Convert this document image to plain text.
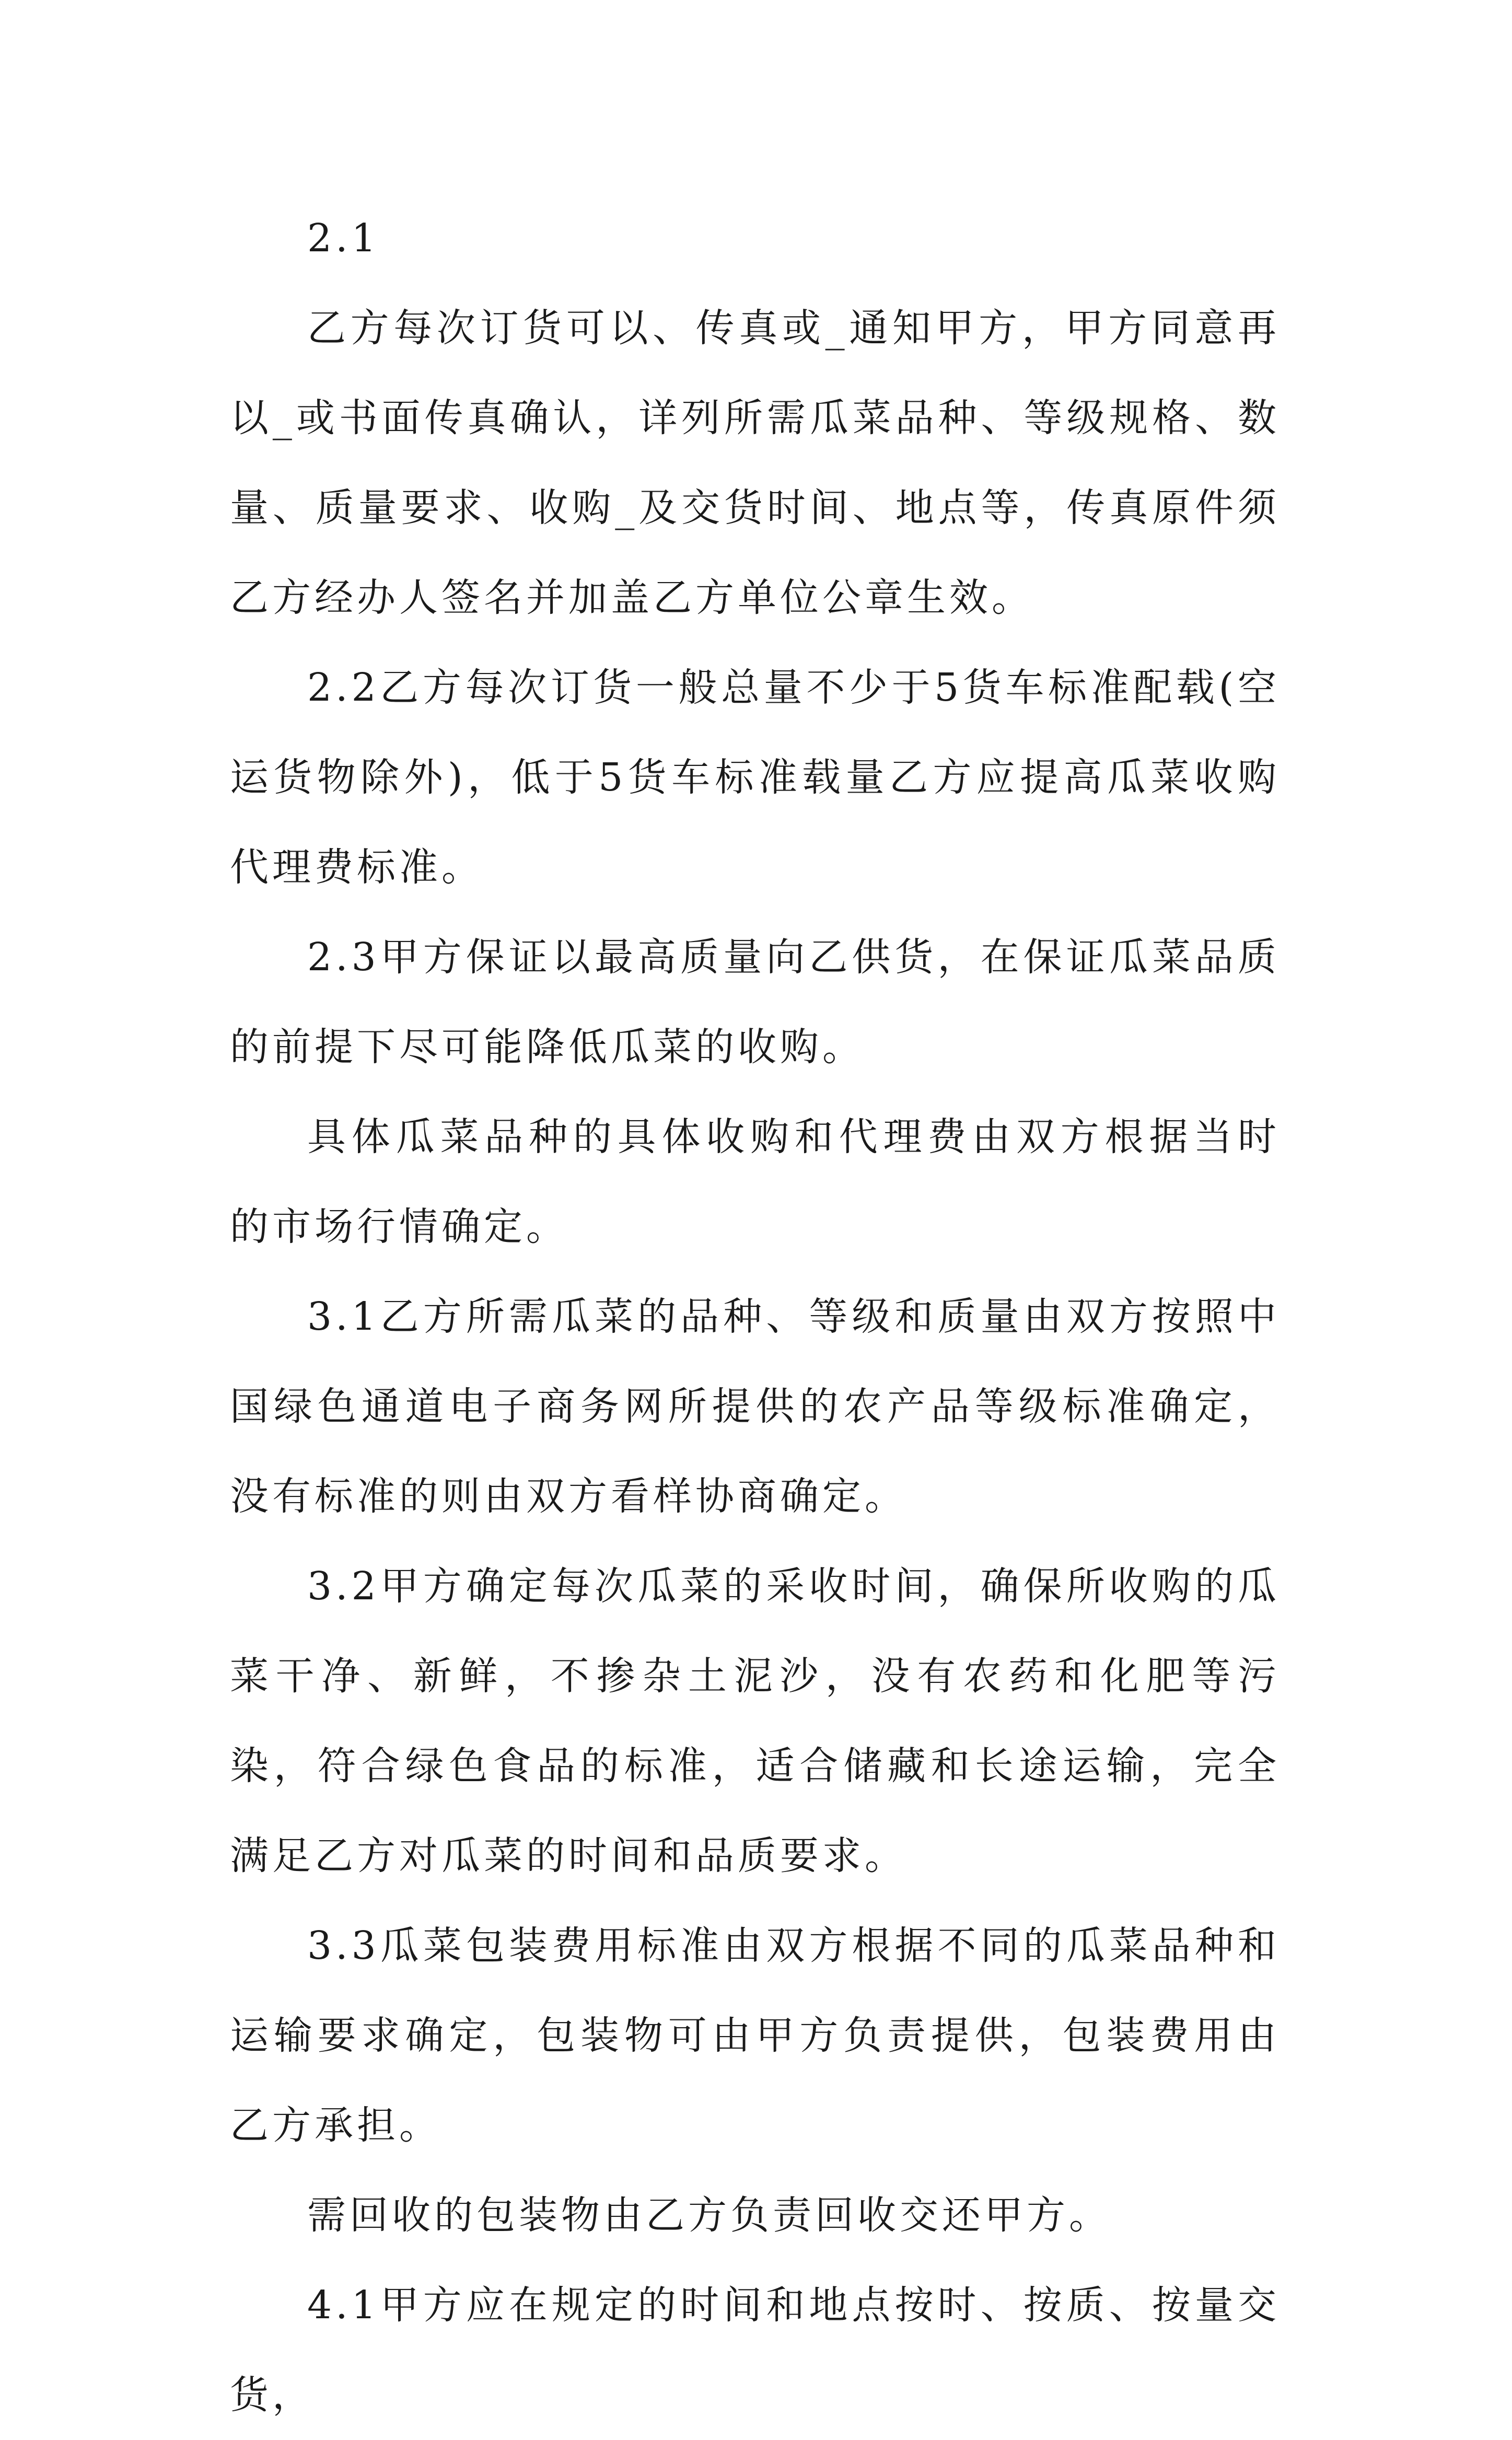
2.1

乙方每次订货可以、传真或_通知甲方，甲方同意再以_或书面传真确认，详列所需瓜菜品种、等级规格、数量、质量要求、收购_及交货时间、地点等，传真原件须乙方经办人签名并加盖乙方单位公章生效。

2.2乙方每次订货一般总量不少于5货车标准配载(空运货物除外)，低于5货车标准载量乙方应提高瓜菜收购代理费标准。

2.3甲方保证以最高质量向乙供货，在保证瓜菜品质的前提下尽可能降低瓜菜的收购。

具体瓜菜品种的具体收购和代理费由双方根据当时的市场行情确定。

3.1乙方所需瓜菜的品种、等级和质量由双方按照中国绿色通道电子商务网所提供的农产品等级标准确定，没有标准的则由双方看样协商确定。

3.2甲方确定每次瓜菜的采收时间，确保所收购的瓜菜干净、新鲜，不掺杂土泥沙，没有农药和化肥等污染，符合绿色食品的标准，适合储藏和长途运输，完全满足乙方对瓜菜的时间和品质要求。

3.3瓜菜包装费用标准由双方根据不同的瓜菜品种和运输要求确定，包装物可由甲方负责提供，包装费用由乙方承担。

需回收的包装物由乙方负责回收交还甲方。

4.1甲方应在规定的时间和地点按时、按质、按量交货，
